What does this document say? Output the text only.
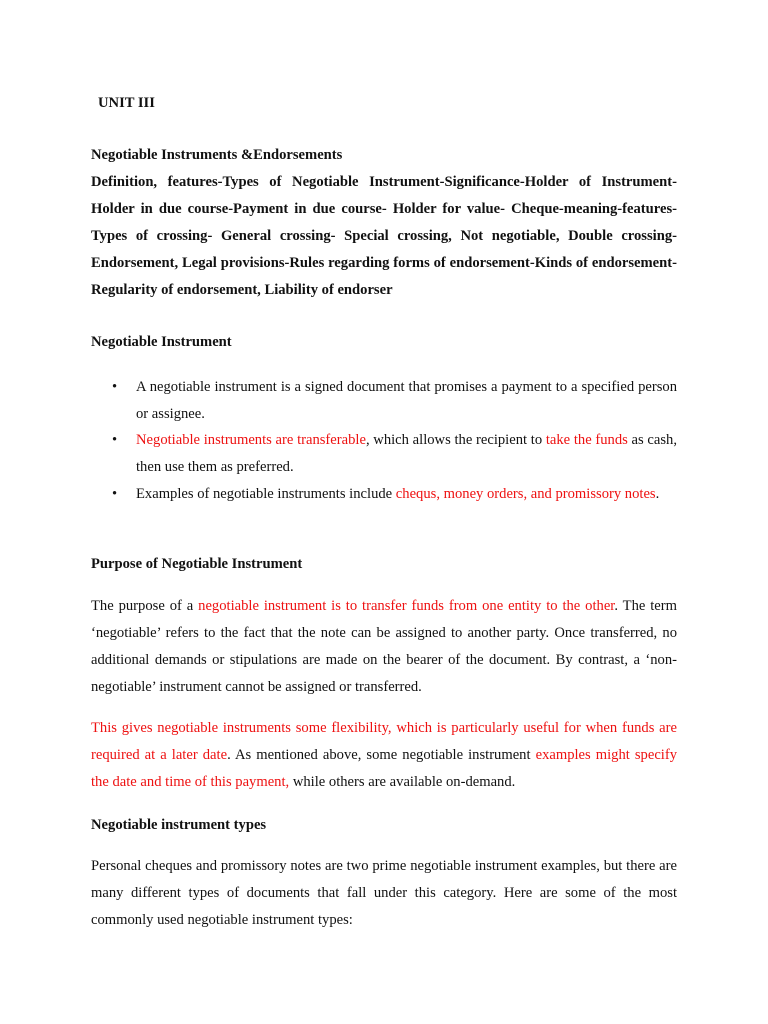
UNIT III
Negotiable Instruments &Endorsements
Definition, features-Types of Negotiable Instrument-Significance-Holder of Instrument-Holder in due course-Payment in due course- Holder for value- Cheque-meaning-features-Types of crossing- General crossing- Special crossing, Not negotiable, Double crossing-Endorsement, Legal provisions-Rules regarding forms of endorsement-Kinds of endorsement- Regularity of endorsement, Liability of endorser
Negotiable Instrument
• A negotiable instrument is a signed document that promises a payment to a specified person or assignee.
• Negotiable instruments are transferable, which allows the recipient to take the funds as cash, then use them as preferred.
• Examples of negotiable instruments include chequs, money orders, and promissory notes.
Purpose of Negotiable Instrument

The purpose of a negotiable instrument is to transfer funds from one entity to the other. The term ‘negotiable’ refers to the fact that the note can be assigned to another party. Once transferred, no additional demands or stipulations are made on the bearer of the document. By contrast, a ‘non-negotiable’ instrument cannot be assigned or transferred.

This gives negotiable instruments some flexibility, which is particularly useful for when funds are required at a later date. As mentioned above, some negotiable instrument examples might specify the date and time of this payment, while others are available on-demand.

Negotiable instrument types

Personal cheques and promissory notes are two prime negotiable instrument examples, but there are many different types of documents that fall under this category. Here are some of the most commonly used negotiable instrument types:
